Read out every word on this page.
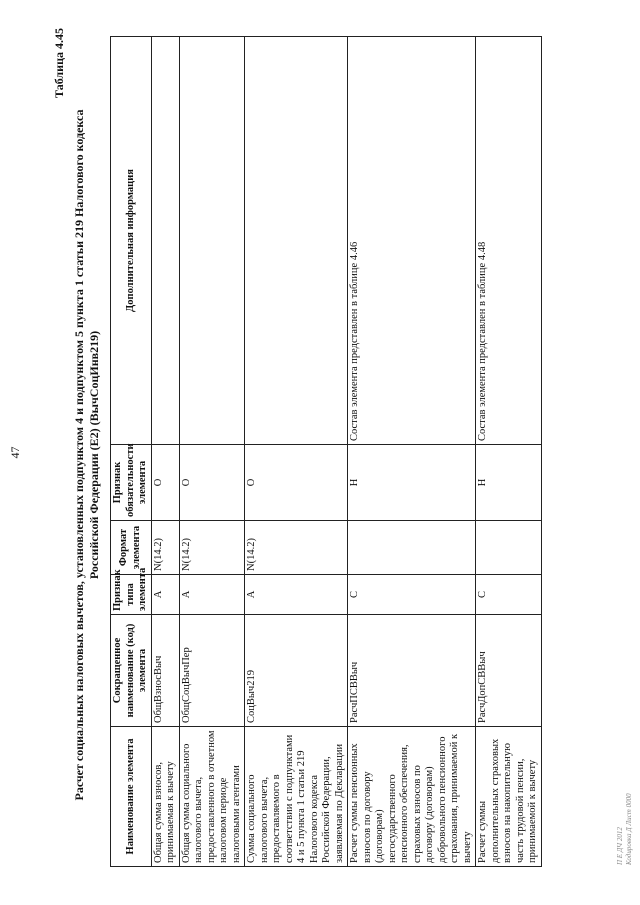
47
Таблица 4.45
Расчет социальных налоговых вычетов, установленных подпунктом 4 и подпунктом 5 пункта 1 статьи 219 Налогового кодекса Российской Федерации (Е2) (ВычСоцИнв219)
Наименование элемента	Сокращенное наименование (код) элемента	Признак типа элемента	Формат элемента	Признак обязательности элемента	Дополнительная информация
Общая сумма взносов, принимаемая к вычету	ОбщВзносВыч	А	N(14.2)	О	
Общая сумма социального налогового вычета, предоставленного в отчетном налоговом периоде налоговыми агентами	ОбщСоцВычПер	А	N(14.2)	О	
Сумма социального налогового вычета, предоставляемого в соответствии с подпунктами 4 и 5 пункта 1 статьи 219 Налогового кодекса Российской Федерации, заявляемая по Декларации	СоцВыч219	А	N(14.2)	О	
Расчет суммы пенсионных взносов по договору (договорам) негосударственного пенсионного обеспечения, страховых взносов по договору (договорам) добровольного пенсионного страхования, принимаемой к вычету	РасчПСВВыч	С		Н	Состав элемента представлен в таблице 4.46
Расчет суммы дополнительных страховых взносов на накопительную часть трудовой пенсии, принимаемой к вычету	РасчДопСВВыч	С		Н	Состав элемента представлен в таблице 4.48
П Е ДЧ 2012 Кодировка Д Лист 0000
